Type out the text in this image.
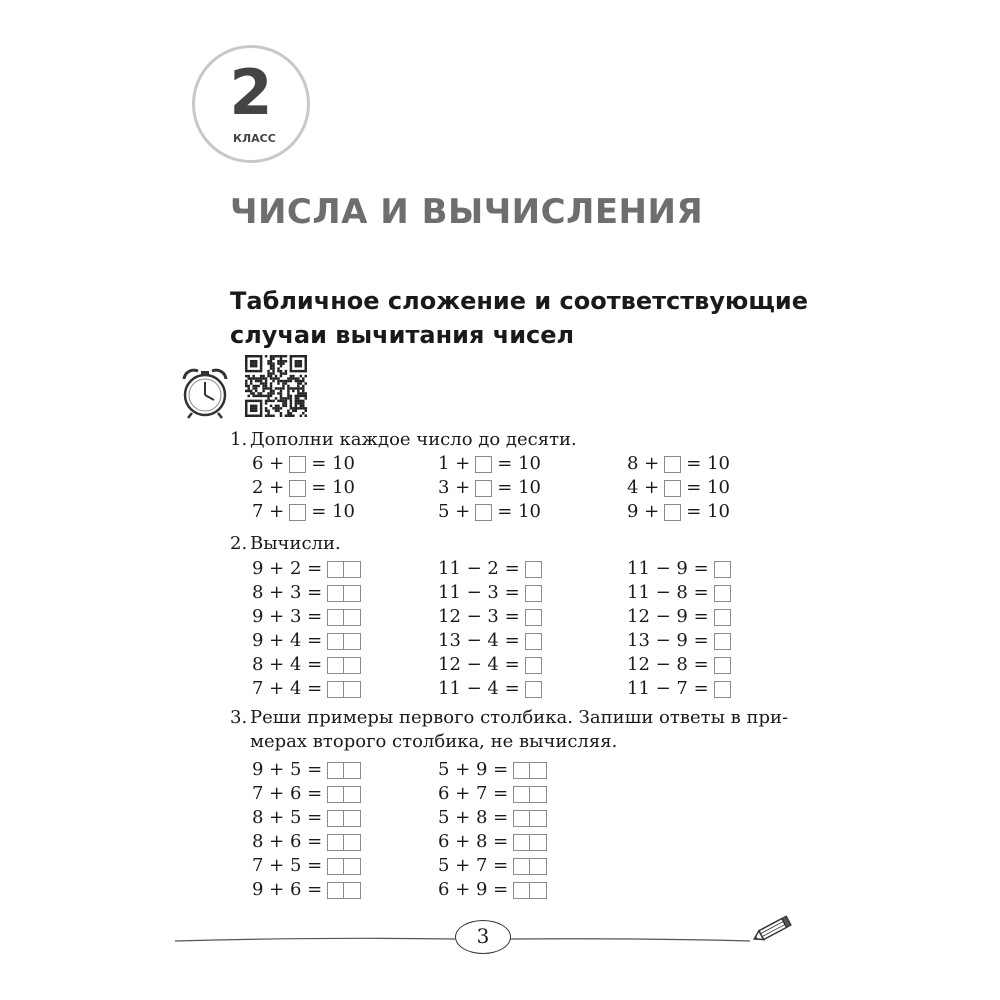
2
КЛАСС
ЧИСЛА И ВЫЧИСЛЕНИЯ
Табличное сложение и соответствующие
случаи вычитания чисел
1. Дополни каждое число до десяти.
6 + = 10
2 + = 10
7 + = 10
1 + = 10
3 + = 10
5 + = 10
8 + = 10
4 + = 10
9 + = 10
2. Вычисли.
9 + 2 =
8 + 3 =
9 + 3 =
9 + 4 =
8 + 4 =
7 + 4 =
11 − 2 =
11 − 3 =
12 − 3 =
13 − 4 =
12 − 4 =
11 − 4 =
11 − 9 =
11 − 8 =
12 − 9 =
13 − 9 =
12 − 8 =
11 − 7 =
3. Реши примеры первого столбика. Запиши ответы в при-
мерах второго столбика, не вычисляя.
9 + 5 =
7 + 6 =
8 + 5 =
8 + 6 =
7 + 5 =
9 + 6 =
5 + 9 =
6 + 7 =
5 + 8 =
6 + 8 =
5 + 7 =
6 + 9 =
3
